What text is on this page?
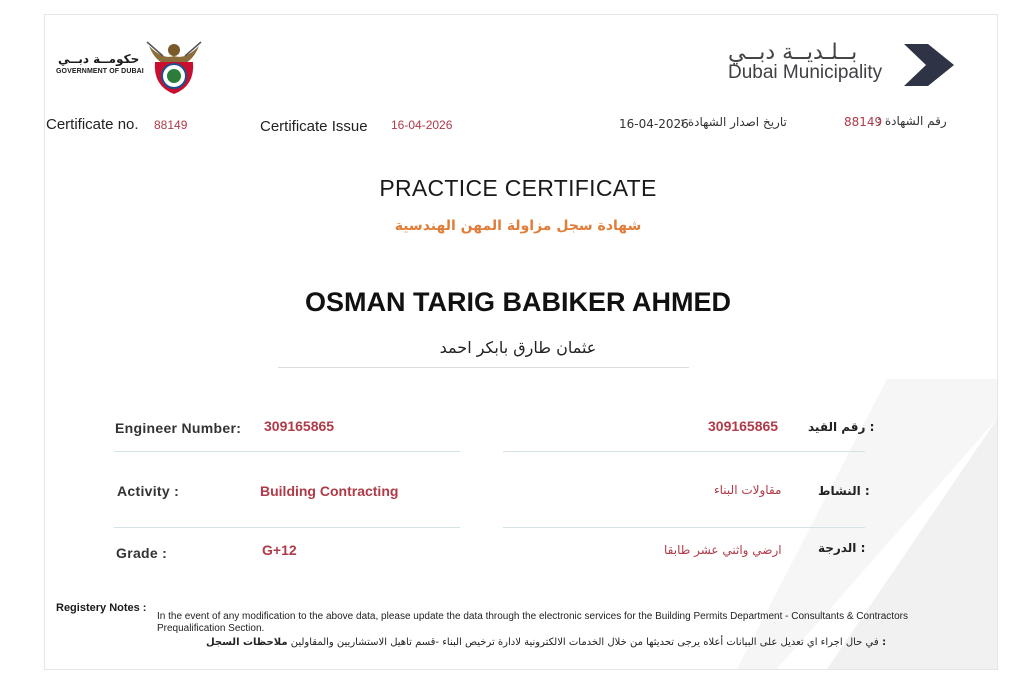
حكومــة دبــي
GOVERNMENT OF DUBAI
بــلـديــة دبــي
Dubai Municipality
Certificate no. 88149	Certificate Issue 16-04-2026	16-04-2026
تاريخ اصدار الشهادة :	88149
رقم الشهادة :
PRACTICE CERTIFICATE
شهادة سجل مزاولة المهن الهندسية
OSMAN TARIG BABIKER AHMED
عثمان طارق بابكر احمد
Engineer Number: 309165865	309165865 رقم القيد :
Activity :	Building Contracting	مقاولات البناء	النشاط :
Grade :	G+12	ارضي واثني عشر طابقا	الدرجة :
Registery Notes :
In the event of any modification to the above data, please update the data through the electronic services for the Building Permits Department - Consultants & Contractors Prequalification Section.
في حال اجراء اي تعديل على البيانات أعلاه يرجى تحديثها من خلال الخدمات الالكترونية لادارة ترخيص البناء -قسم تاهيل الاستشاريين والمقاولين ملاحظات السجل :
